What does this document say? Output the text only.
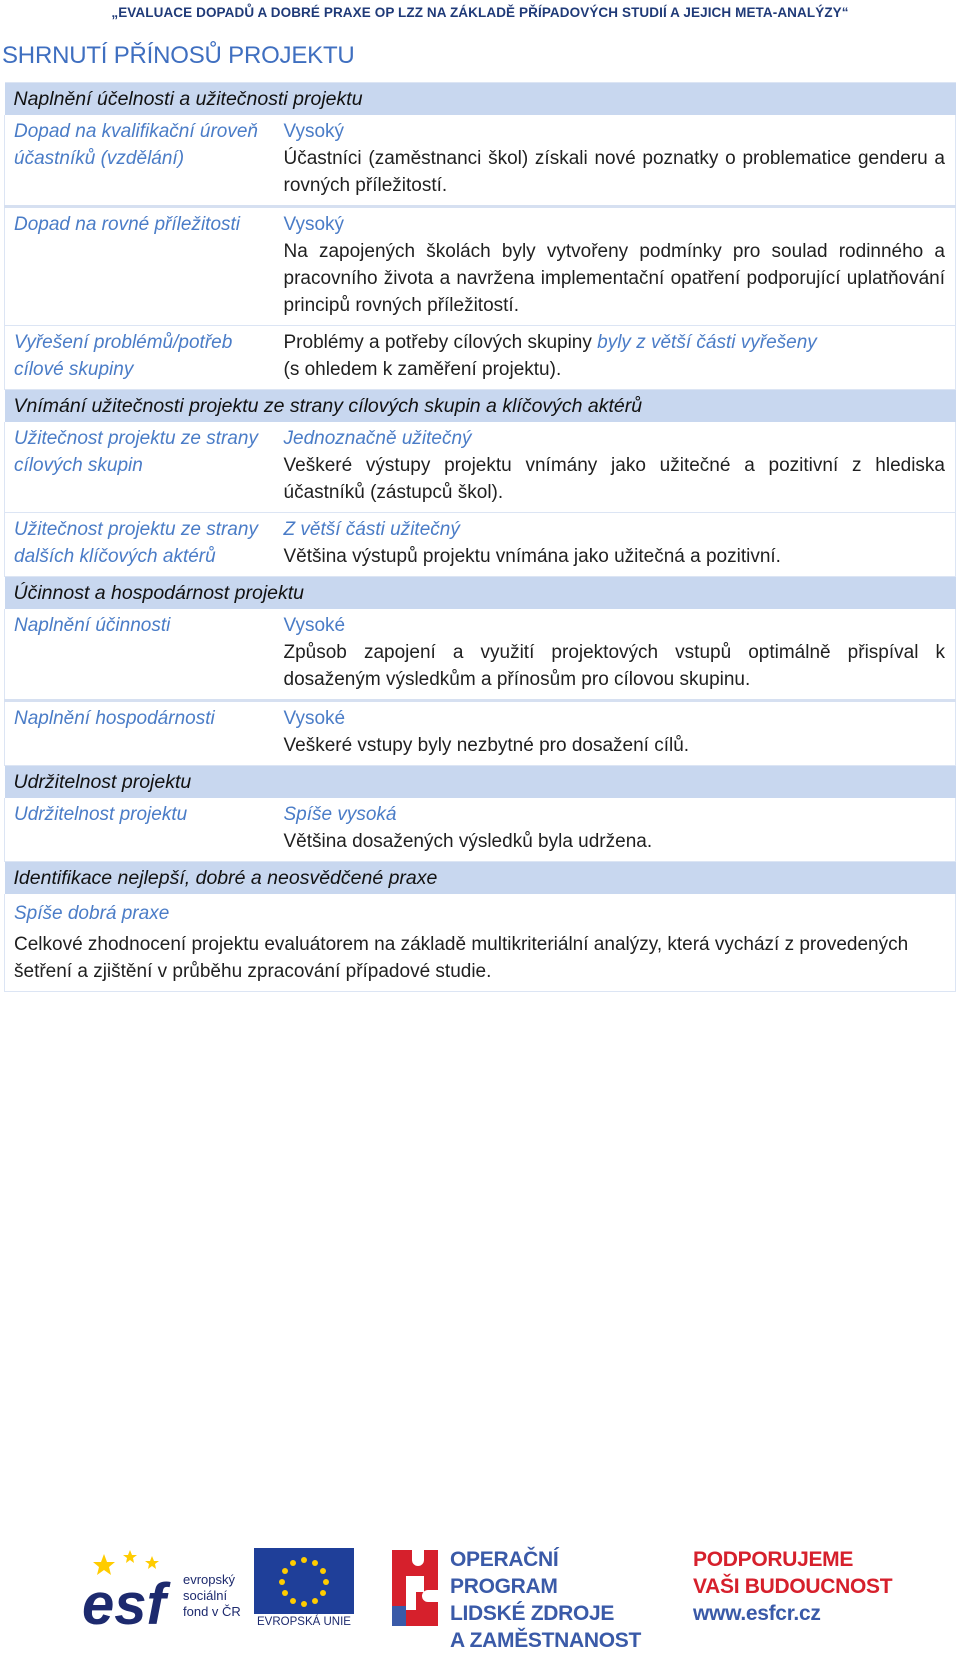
„EVALUACE DOPADŮ A DOBRÉ PRAXE OP LZZ NA ZÁKLADĚ PŘÍPADOVÝCH STUDIÍ A JEJICH META-ANALÝZY“
SHRNUTÍ PŘÍNOSŮ PROJEKTU
Naplnění účelnosti a užitečnosti projektu	
Dopad na kvalifikační úroveň účastníků (vzdělání)	Vysoký
Účastníci (zaměstnanci škol) získali nové poznatky o problematice genderu a rovných příležitostí.

Dopad na rovné příležitosti	Vysoký
Na zapojených školách byly vytvořeny podmínky pro soulad rodinného a pracovního života a navržena implementační opatření podporující uplatňování principů rovných příležitostí.

Vyřešení problémů/potřeb cílové skupiny	Problémy a potřeby cílových skupiny byly z větší části vyřešeny
(s ohledem k zaměření projektu).
Vnímání užitečnosti projektu ze strany cílových skupin a klíčových aktérů	
Užitečnost projektu ze strany cílových skupin	Jednoznačně užitečný
Veškeré výstupy projektu vnímány jako užitečné a pozitivní z hlediska účastníků (zástupců škol).

Užitečnost projektu ze strany dalších klíčových aktérů	Z větší části užitečný
Většina výstupů projektu vnímána jako užitečná a pozitivní.

Účinnost a hospodárnost projektu	
Naplnění účinnosti	Vysoké
Způsob zapojení a využití projektových vstupů optimálně přispíval k dosaženým výsledkům a přínosům pro cílovou skupinu.

Naplnění hospodárnosti	Vysoké
Veškeré vstupy byly nezbytné pro dosažení cílů.

Udržitelnost projektu	
Udržitelnost projektu	Spíše vysoká
Většina dosažených výsledků byla udržena.

Identifikace nejlepší, dobré a neosvědčené praxe	

Spíše dobrá praxe
Celkové zhodnocení projektu evaluátorem na základě multikriteriální analýzy, která vychází z provedených šetření a zjištění v průběhu zpracování případové studie.	
esf	evropský
sociální
fond v ČR
EVROPSKÁ UNIE
OPERAČNÍ PROGRAM
LIDSKÉ ZDROJE
A ZAMĚSTNANOST
PODPORUJEME
VAŠI BUDOUCNOST
www.esfcr.cz
